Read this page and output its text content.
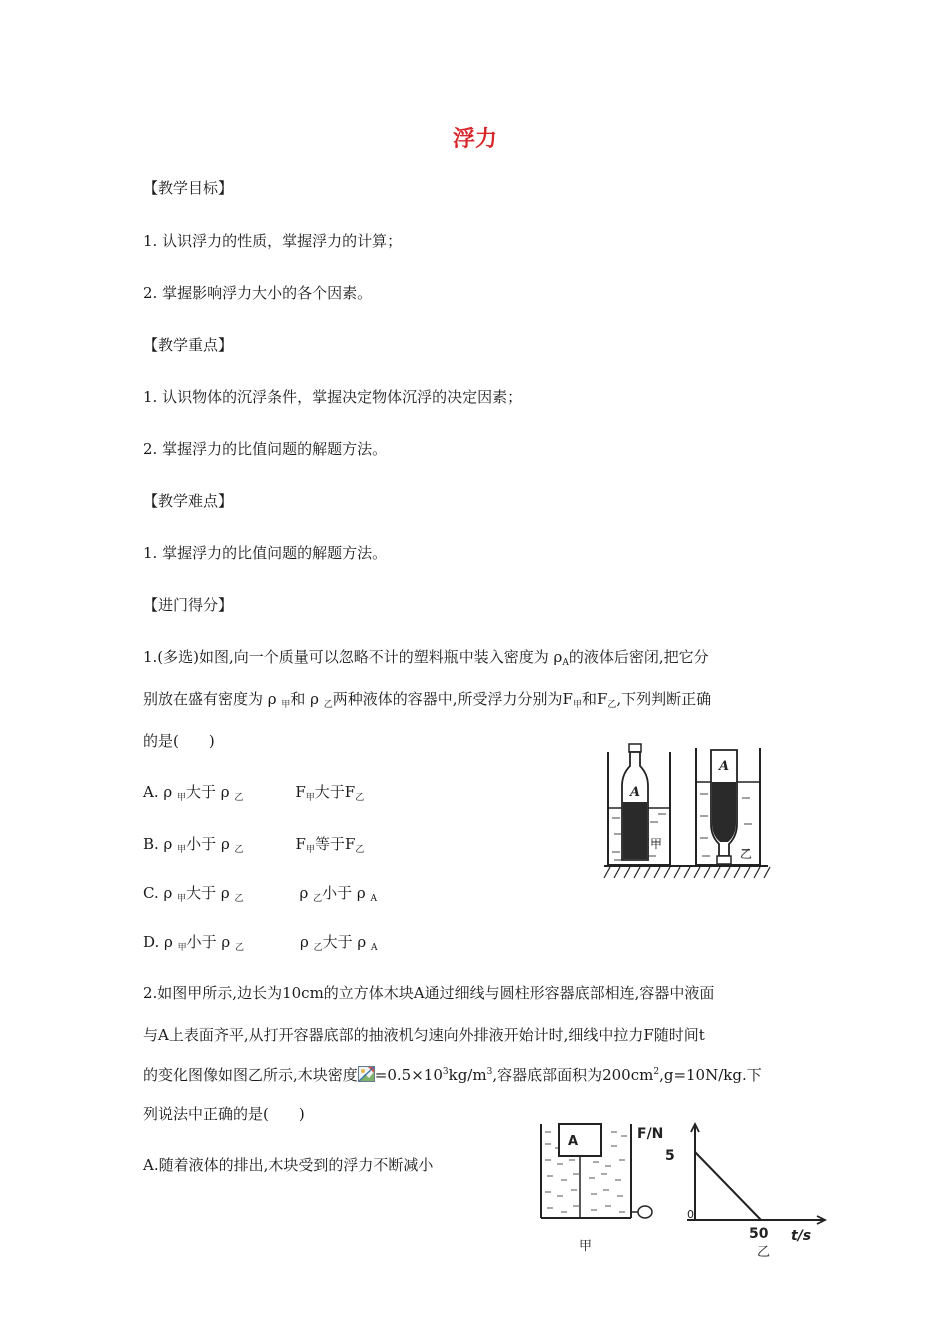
浮力
【教学目标】
1. 认识浮力的性质，掌握浮力的计算；
2. 掌握影响浮力大小的各个因素。
【教学重点】
1. 认识物体的沉浮条件，掌握决定物体沉浮的决定因素；
2. 掌握浮力的比值问题的解题方法。
【教学难点】
1. 掌握浮力的比值问题的解题方法。
【进门得分】
1.(多选)如图,向一个质量可以忽略不计的塑料瓶中装入密度为 $\rho_A$的液体后密闭,把它分
别放在盛有密度为 ρ $_甲$和 ρ $_乙$两种液体的容器中,所受浮力分别为$F_甲$和$F_乙$,下列判断正确
的是(　　)
A. ρ $_甲$大于 ρ $_乙$	$F_甲$大于$F_乙$
B. ρ $_甲$小于 ρ $_乙$	$F_甲$等于$F_乙$
C. ρ $_甲$大于 ρ $_乙$	ρ $_乙$小于 ρ $_A$
D. ρ $_甲$小于 ρ $_乙$	ρ $_乙$大于 ρ $_A$
A
甲
A
乙
2.如图甲所示,边长为10cm的立方体木块A通过细线与圆柱形容器底部相连,容器中液面
与A上表面齐平,从打开容器底部的抽液机匀速向外排液开始计时,细线中拉力F随时间t
的变化图像如图乙所示,木块密度 $=0.5\times 10^3kg/m^3$,容器底部面积为$200cm^2,g=10N/kg$.下
列说法中正确的是(　　)
A.随着液体的排出,木块受到的浮力不断减小
A
甲
F/N
5
0
50 t/s
乙
